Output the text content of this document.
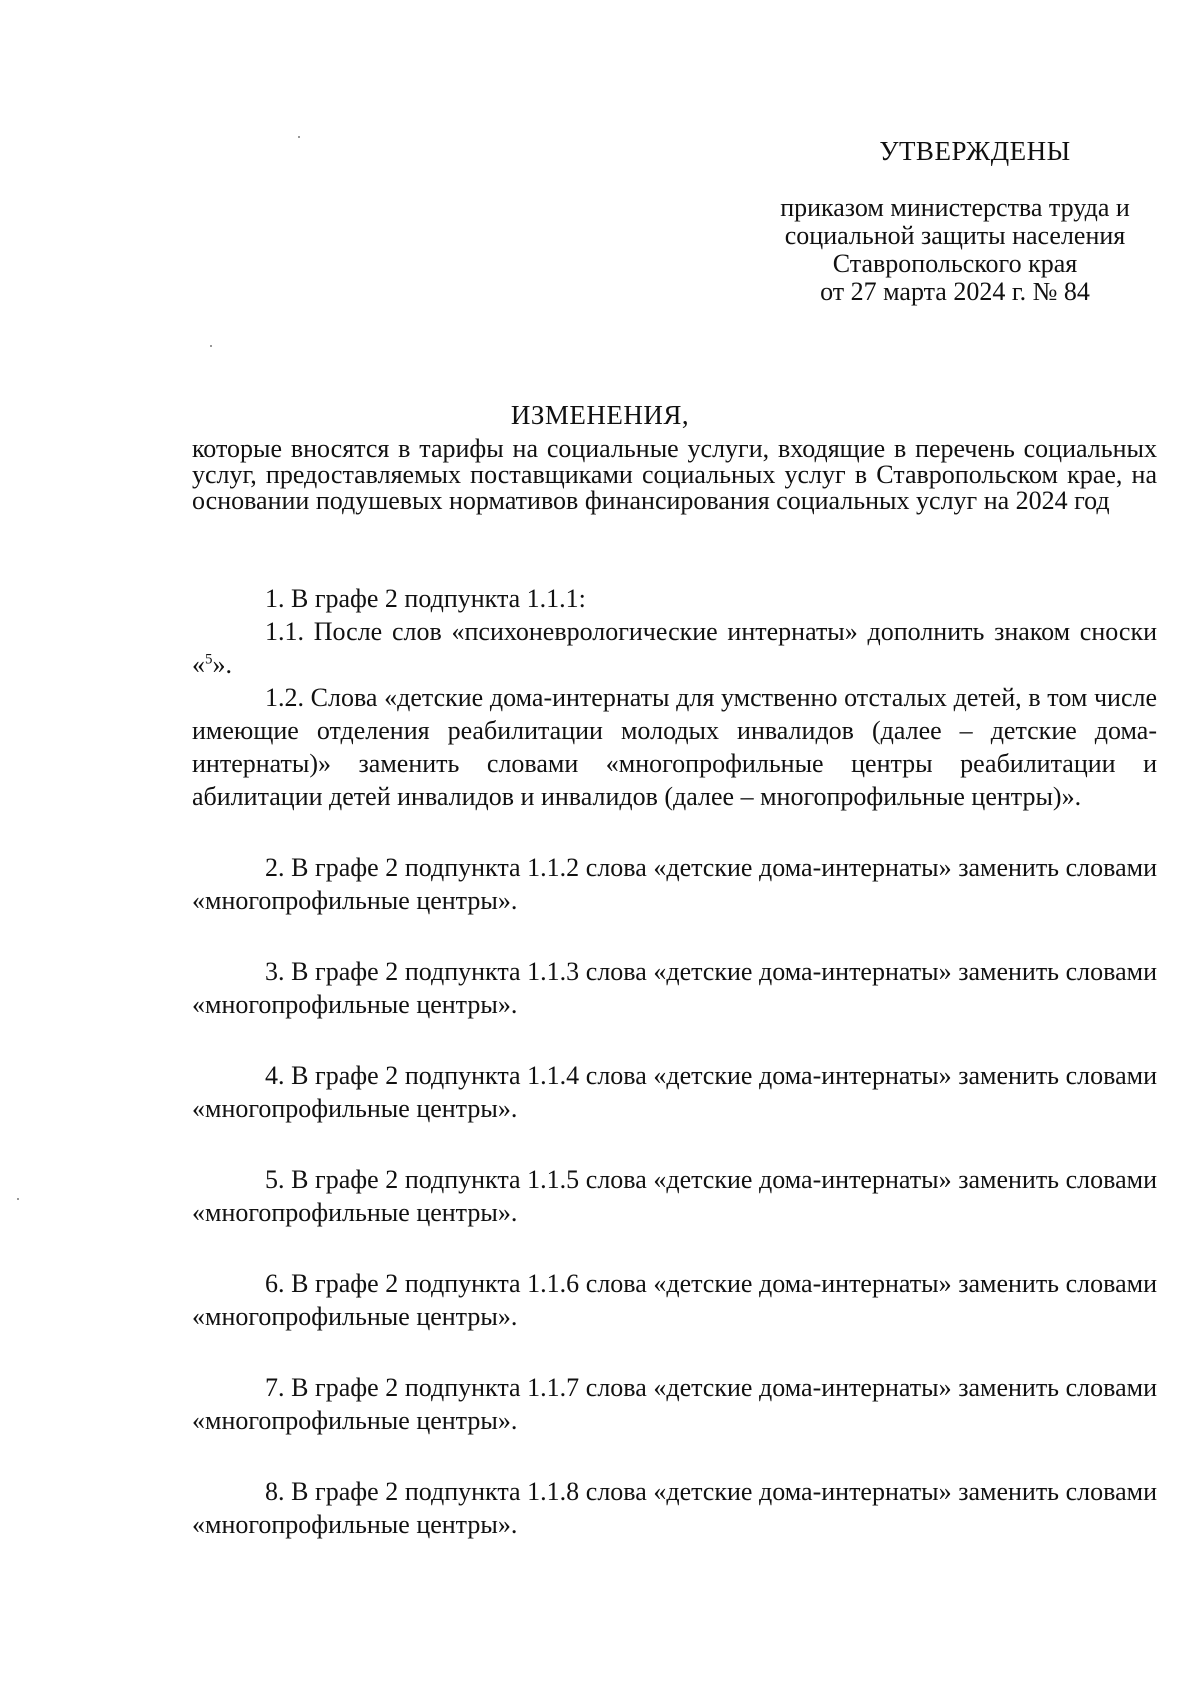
УТВЕРЖДЕНЫ
приказом министерства труда и
социальной защиты населения
Ставропольского края
от 27 марта 2024 г. № 84
ИЗМЕНЕНИЯ,
которые вносятся в тарифы на социальные услуги, входящие в перечень социальных услуг, предоставляемых поставщиками социальных услуг в Ставропольском крае, на основании подушевых нормативов финансирования социальных услуг на 2024 год

1. В графе 2 подпункта 1.1.1:

1.1. После слов «психоневрологические интернаты» дополнить знаком сноски «$^5$».

1.2. Слова «детские дома-интернаты для умственно отсталых детей, в том числе имеющие отделения реабилитации молодых инвалидов (далее – детские дома-интернаты)» заменить словами «многопрофильные центры реабилитации и абилитации детей инвалидов и инвалидов (далее – многопрофильные центры)».

2. В графе 2 подпункта 1.1.2 слова «детские дома-интернаты» заменить словами «многопрофильные центры».

3. В графе 2 подпункта 1.1.3 слова «детские дома-интернаты» заменить словами «многопрофильные центры».

4. В графе 2 подпункта 1.1.4 слова «детские дома-интернаты» заменить словами «многопрофильные центры».

5. В графе 2 подпункта 1.1.5 слова «детские дома-интернаты» заменить словами «многопрофильные центры».

6. В графе 2 подпункта 1.1.6 слова «детские дома-интернаты» заменить словами «многопрофильные центры».

7. В графе 2 подпункта 1.1.7 слова «детские дома-интернаты» заменить словами «многопрофильные центры».

8. В графе 2 подпункта 1.1.8 слова «детские дома-интернаты» заменить словами «многопрофильные центры».
